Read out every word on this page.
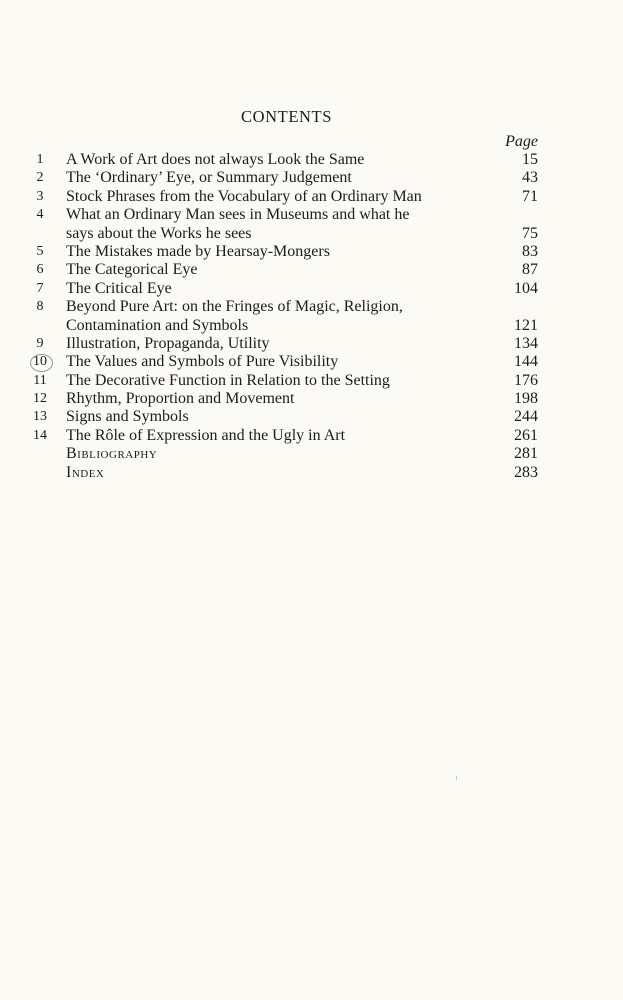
CONTENTS
Page
1	A Work of Art does not always Look the Same	15
2	The ‘Ordinary’ Eye, or Summary Judgement	43
3	Stock Phrases from the Vocabulary of an Ordinary Man	71
4	What an Ordinary Man sees in Museums and what he
says about the Works he sees	75
5	The Mistakes made by Hearsay-Mongers	83
6	The Categorical Eye	87
7	The Critical Eye	104
8	Beyond Pure Art: on the Fringes of Magic, Religion,
Contamination and Symbols	121
9	Illustration, Propaganda, Utility	134
10	The Values and Symbols of Pure Visibility	144
11	The Decorative Function in Relation to the Setting	176
12	Rhythm, Proportion and Movement	198
13	Signs and Symbols	244
14	The Rôle of Expression and the Ugly in Art	261
Bibliography	281
Index	283
